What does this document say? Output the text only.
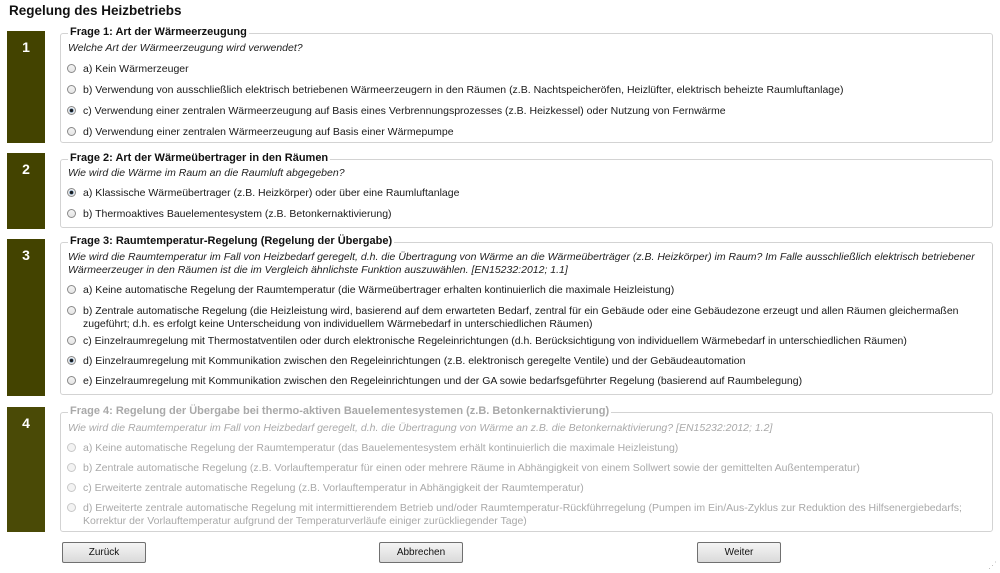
Regelung des Heizbetriebs
1
Frage 1: Art der Wärmeerzeugung
Welche Art der Wärmeerzeugung wird verwendet?
a) Kein Wärmerzeuger
b) Verwendung von ausschließlich elektrisch betriebenen Wärmeerzeugern in den Räumen (z.B. Nachtspeicheröfen, Heizlüfter, elektrisch beheizte Raumluftanlage)
c) Verwendung einer zentralen Wärmeerzeugung auf Basis eines Verbrennungsprozesses (z.B. Heizkessel) oder Nutzung von Fernwärme
d) Verwendung einer zentralen Wärmeerzeugung auf Basis einer Wärmepumpe
2
Frage 2: Art der Wärmeübertrager in den Räumen
Wie wird die Wärme im Raum an die Raumluft abgegeben?
a) Klassische Wärmeübertrager (z.B. Heizkörper) oder über eine Raumluftanlage
b) Thermoaktives Bauelementesystem (z.B. Betonkernaktivierung)
3
Frage 3: Raumtemperatur-Regelung (Regelung der Übergabe)
Wie wird die Raumtemperatur im Fall von Heizbedarf geregelt, d.h. die Übertragung von Wärme an die Wärmeüberträger (z.B. Heizkörper) im Raum? Im Falle ausschließlich elektrisch betriebener Wärmeerzeuger in den Räumen ist die im Vergleich ähnlichste Funktion auszuwählen. [EN15232:2012; 1.1]
a) Keine automatische Regelung der Raumtemperatur (die Wärmeübertrager erhalten kontinuierlich die maximale Heizleistung)
b) Zentrale automatische Regelung (die Heizleistung wird, basierend auf dem erwarteten Bedarf, zentral für ein Gebäude oder eine Gebäudezone erzeugt und allen Räumen gleichermaßen zugeführt; d.h. es erfolgt keine Unterscheidung von individuellem Wärmebedarf in unterschiedlichen Räumen)
c) Einzelraumregelung mit Thermostatventilen oder durch elektronische Regeleinrichtungen (d.h. Berücksichtigung von individuellem Wärmebedarf in unterschiedlichen Räumen)
d) Einzelraumregelung mit Kommunikation zwischen den Regeleinrichtungen (z.B. elektronisch geregelte Ventile) und der Gebäudeautomation
e) Einzelraumregelung mit Kommunikation zwischen den Regeleinrichtungen und der GA sowie bedarfsgeführter Regelung (basierend auf Raumbelegung)
4
Frage 4: Regelung der Übergabe bei thermo-aktiven Bauelementesystemen (z.B. Betonkernaktivierung)
Wie wird die Raumtemperatur im Fall von Heizbedarf geregelt, d.h. die Übertragung von Wärme an z.B. die Betonkernaktivierung? [EN15232:2012; 1.2]
a) Keine automatische Regelung der Raumtemperatur (das Bauelementesystem erhält kontinuierlich die maximale Heizleistung)
b) Zentrale automatische Regelung (z.B. Vorlauftemperatur für einen oder mehrere Räume in Abhängigkeit von einem Sollwert sowie der gemittelten Außentemperatur)
c) Erweiterte zentrale automatische Regelung (z.B. Vorlauftemperatur in Abhängigkeit der Raumtemperatur)
d) Erweiterte zentrale automatische Regelung mit intermittierendem Betrieb und/oder Raumtemperatur-Rückführregelung (Pumpen im Ein/Aus-Zyklus zur Reduktion des Hilfsenergiebedarfs; Korrektur der Vorlauftemperatur aufgrund der Temperaturverläufe einiger zurückliegender Tage)
Zurück	Abbrechen	Weiter
⋰
